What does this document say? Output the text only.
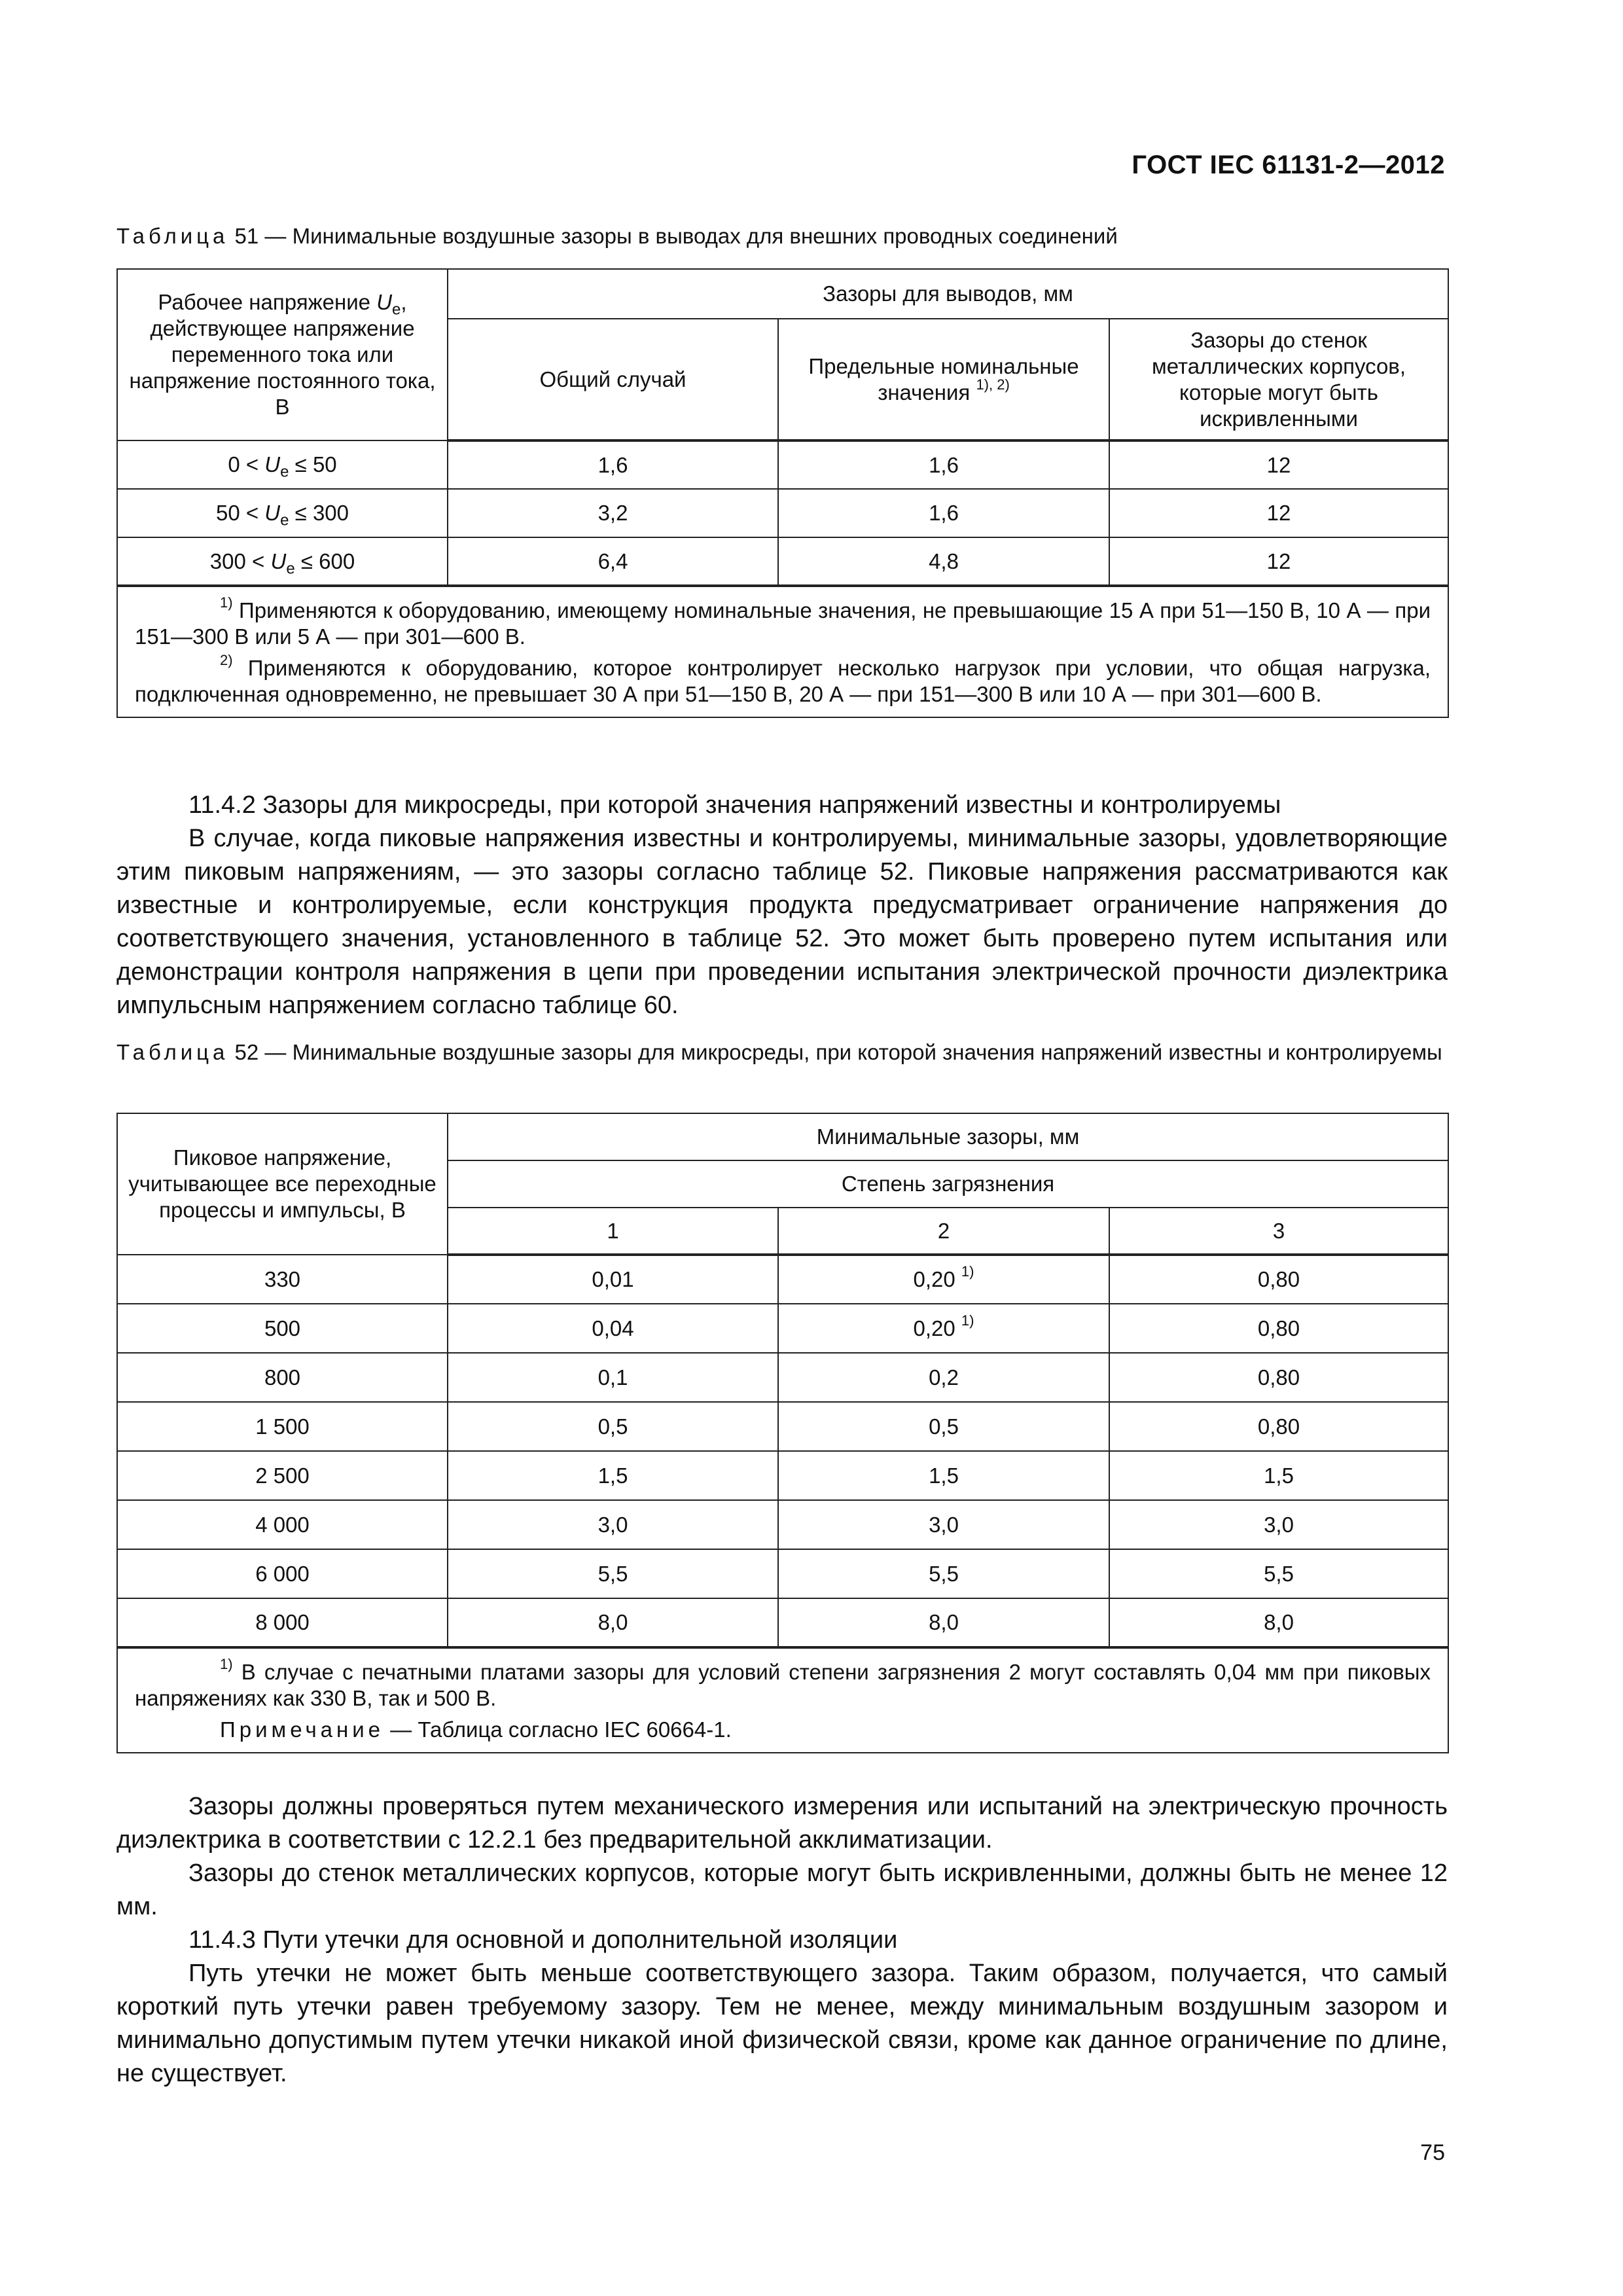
ГОСТ IEC 61131-2—2012
Таблица 51 — Минимальные воздушные зазоры в выводах для внешних проводных соединений
Рабочее напряжение $U_e$, действующее напряжение переменного тока или напряжение постоянного тока, В	Зазоры для выводов, мм		
	Общий случай	Предельные номинальные значения $^{1), 2)}$	Зазоры до стенок металлических корпусов, которые могут быть искривленными
$0 < U_e \le 50$	1,6	1,6	12
$50 < U_e \le 300$	3,2	1,6	12
$300 < U_e \le 600$	6,4	4,8	12

$^{1)}$ Применяются к оборудованию, имеющему номинальные значения, не превышающие 15 А при 51—150 В, 10 А — при 151—300 В или 5 А — при 301—600 В.

$^{2)}$ Применяются к оборудованию, которое контролирует несколько нагрузок при условии, что общая нагрузка, подключенная одновременно, не превышает 30 А при 51—150 В, 20 А — при 151—300 В или 10 А — при 301—600 В.			

11.4.2 Зазоры для микросреды, при которой значения напряжений известны и контролируемы

В случае, когда пиковые напряжения известны и контролируемы, минимальные зазоры, удовлетворяющие этим пиковым напряжениям, — это зазоры согласно таблице 52. Пиковые напряжения рассматриваются как известные и контролируемые, если конструкция продукта предусматривает ограничение напряжения до соответствующего значения, установленного в таблице 52. Это может быть проверено путем испытания или демонстрации контроля напряжения в цепи при проведении испытания электрической прочности диэлектрика импульсным напряжением согласно таблице 60.

Таблица 52 — Минимальные воздушные зазоры для микросреды, при которой значения напряжений известны и контролируемы
Пиковое напряжение, учитывающее все переходные процессы и импульсы, В	Минимальные зазоры, мм		
	Степень загрязнения		
	1	2	3
330	0,01	0,20 $^{1)}$	0,80
500	0,04	0,20 $^{1)}$	0,80
800	0,1	0,2	0,80
1 500	0,5	0,5	0,80
2 500	1,5	1,5	1,5
4 000	3,0	3,0	3,0
6 000	5,5	5,5	5,5
8 000	8,0	8,0	8,0

$^{1)}$ В случае с печатными платами зазоры для условий степени загрязнения 2 могут составлять 0,04 мм при пиковых напряжениях как 330 В, так и 500 В.

Примечание — Таблица согласно IEC 60664-1.			

Зазоры должны проверяться путем механического измерения или испытаний на электрическую прочность диэлектрика в соответствии с 12.2.1 без предварительной акклиматизации.

Зазоры до стенок металлических корпусов, которые могут быть искривленными, должны быть не менее 12 мм.

11.4.3 Пути утечки для основной и дополнительной изоляции

Путь утечки не может быть меньше соответствующего зазора. Таким образом, получается, что самый короткий путь утечки равен требуемому зазору. Тем не менее, между минимальным воздушным зазором и минимально допустимым путем утечки никакой иной физической связи, кроме как данное ограничение по длине, не существует.

75
